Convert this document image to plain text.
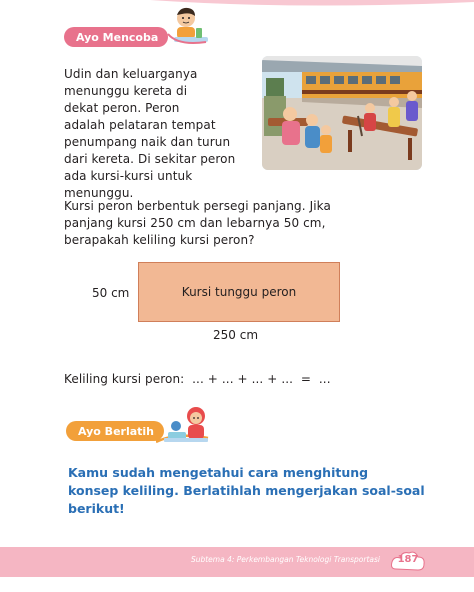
Ayo Mencoba
Udin dan keluarganya
menunggu kereta di
dekat peron. Peron
adalah pelataran tempat
penumpang naik dan turun
dari kereta. Di sekitar peron
ada kursi-kursi untuk menunggu.
Kursi peron berbentuk persegi panjang. Jika
panjang kursi 250 cm dan lebarnya 50 cm,
berapakah keliling kursi peron?
50 cm	Kursi tunggu peron
250 cm
Keliling kursi peron:  ... + ... + ... + ...  =  ...
Ayo Berlatih
Kamu sudah mengetahui cara menghitung
konsep keliling. Berlatihlah mengerjakan soal-soal
berikut!
Subtema 4: Perkembangan Teknologi Transportasi	187
